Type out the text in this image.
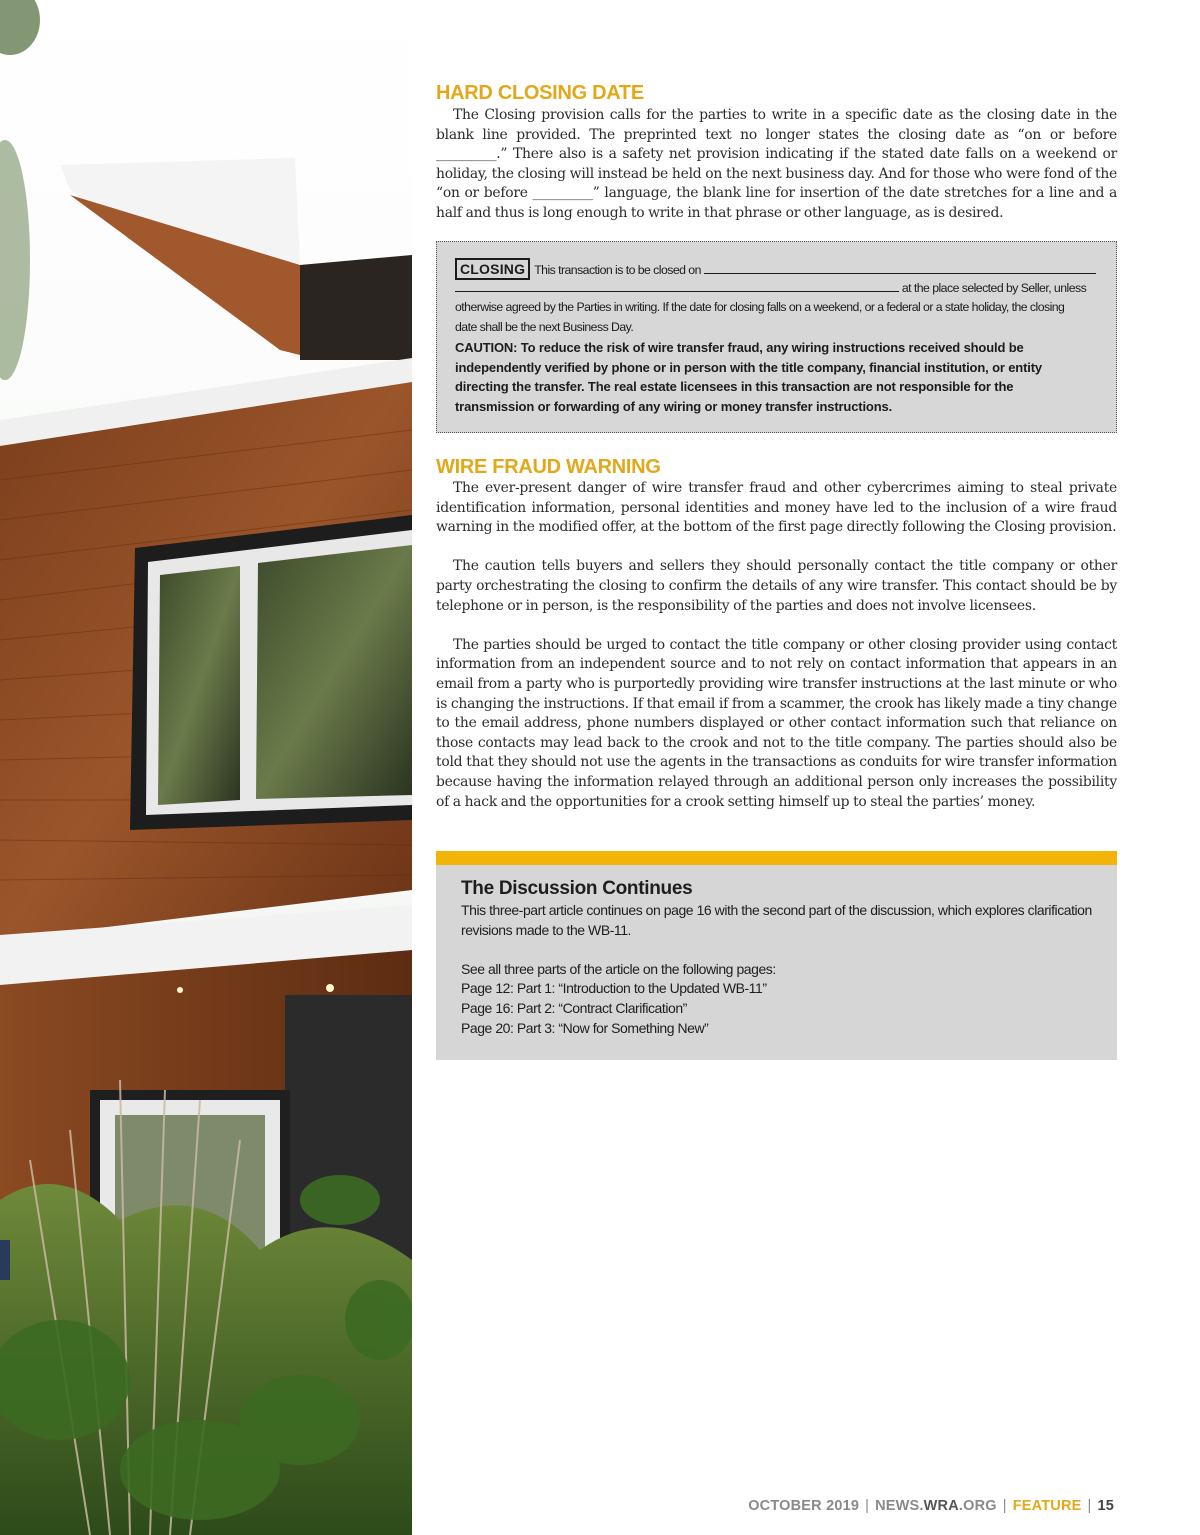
HARD CLOSING DATE

The Closing provision calls for the parties to write in a specific date as the closing date in the blank line provided. The preprinted text no longer states the closing date as “on or before _________.” There also is a safety net provision indicating if the stated date falls on a weekend or holiday, the closing will instead be held on the next business day. And for those who were fond of the “on or before _________” language, the blank line for insertion of the date stretches for a line and a half and thus is long enough to write in that phrase or other language, as is desired.

CLOSING This transaction is to be closed on
at the place selected by Seller, unless
otherwise agreed by the Parties in writing. If the date for closing falls on a weekend, or a federal or a state holiday, the closing
date shall be the next Business Day.
CAUTION: To reduce the risk of wire transfer fraud, any wiring instructions received should be independently verified by phone or in person with the title company, financial institution, or entity directing the transfer. The real estate licensees in this transaction are not responsible for the transmission or forwarding of any wiring or money transfer instructions.
WIRE FRAUD WARNING

The ever-present danger of wire transfer fraud and other cybercrimes aiming to steal private identification information, personal identities and money have led to the inclusion of a wire fraud warning in the modified offer, at the bottom of the first page directly following the Closing provision.

The caution tells buyers and sellers they should personally contact the title company or other party orchestrating the closing to confirm the details of any wire transfer. This contact should be by telephone or in person, is the responsibility of the parties and does not involve licensees.

The parties should be urged to contact the title company or other closing provider using contact information from an independent source and to not rely on contact information that appears in an email from a party who is purportedly providing wire transfer instructions at the last minute or who is changing the instructions. If that email if from a scammer, the crook has likely made a tiny change to the email address, phone numbers displayed or other contact information such that reliance on those contacts may lead back to the crook and not to the title company. The parties should also be told that they should not use the agents in the transactions as conduits for wire transfer information because having the information relayed through an additional person only increases the possibility of a hack and the opportunities for a crook setting himself up to steal the parties’ money.

The Discussion Continues

This three-part article continues on page 16 with the second part of the discussion, which explores clarification revisions made to the WB-11.

See all three parts of the article on the following pages:

Page 12: Part 1: “Introduction to the Updated WB-11”

Page 16: Part 2: “Contract Clarification”

Page 20: Part 3: “Now for Something New”

OCTOBER 2019 | NEWS.WRA.ORG | FEATURE | 15
